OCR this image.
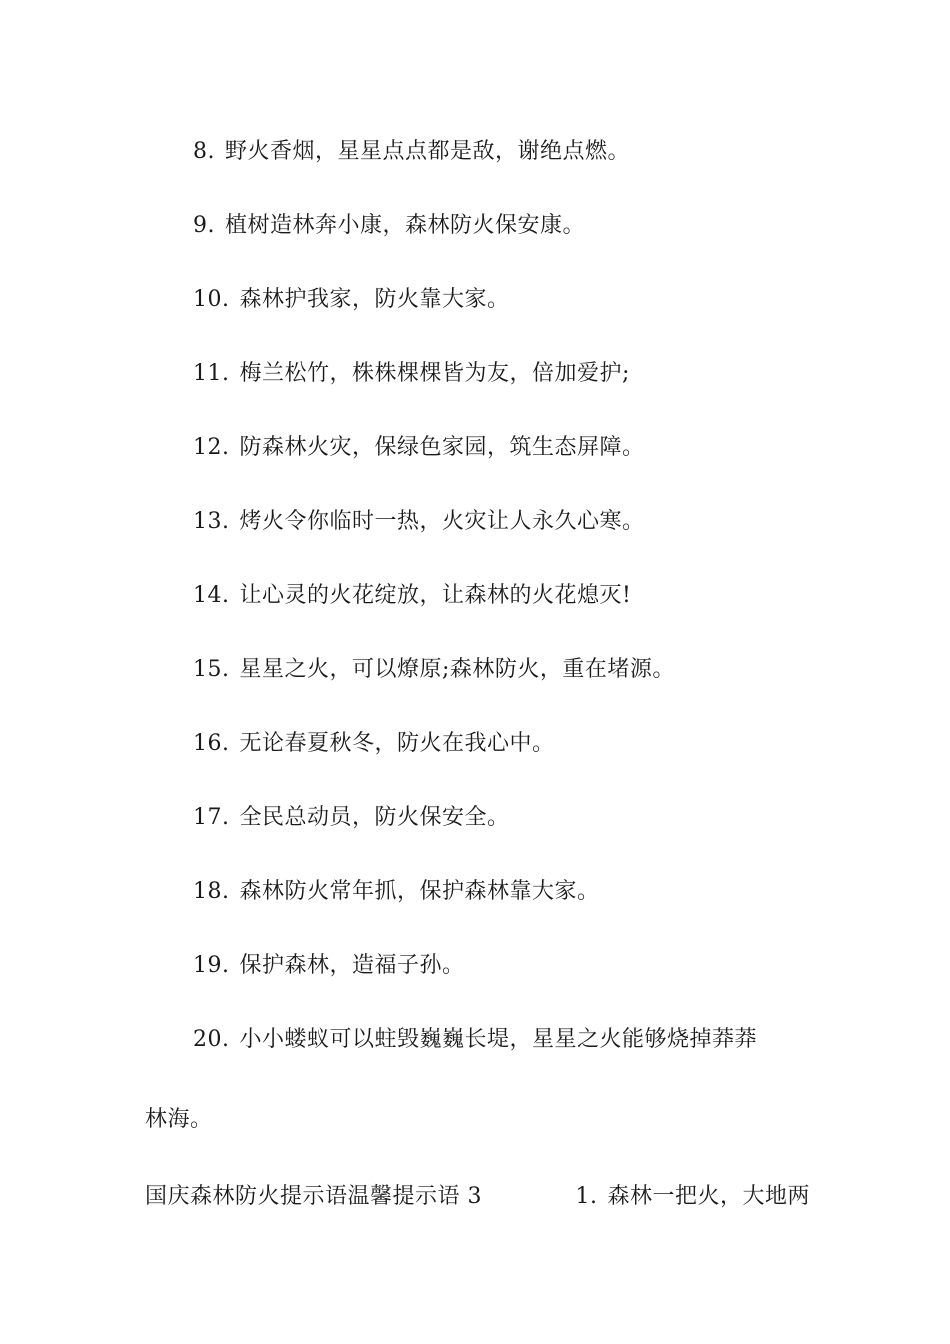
8. 野火香烟，星星点点都是敌，谢绝点燃。
9. 植树造林奔小康，森林防火保安康。
10. 森林护我家，防火靠大家。
11. 梅兰松竹，株株棵棵皆为友，倍加爱护;
12. 防森林火灾，保绿色家园，筑生态屏障。
13. 烤火令你临时一热，火灾让人永久心寒。
14. 让心灵的火花绽放，让森林的火花熄灭!
15. 星星之火，可以燎原;森林防火，重在堵源。
16. 无论春夏秋冬，防火在我心中。
17. 全民总动员，防火保安全。
18. 森林防火常年抓，保护森林靠大家。
19. 保护森林，造福子孙。
20. 小小蝼蚁可以蛀毁巍巍长堤，星星之火能够烧掉莽莽
林海。
国庆森林防火提示语温馨提示语 3	1. 森林一把火，大地两
